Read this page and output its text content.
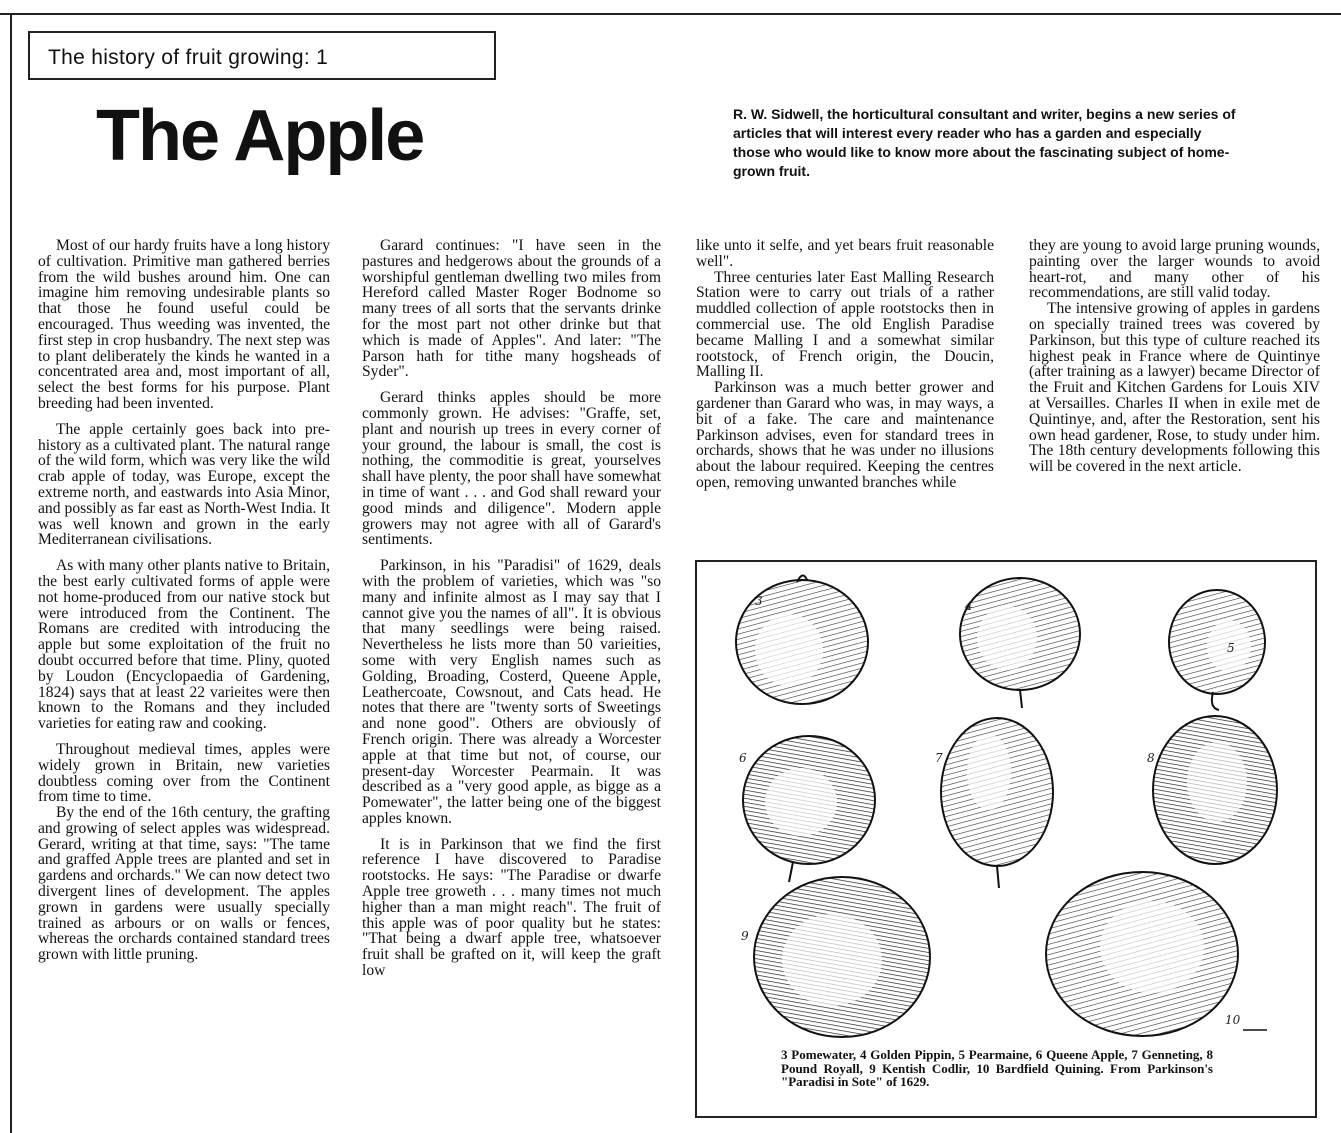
The history of fruit growing: 1
The Apple	R. W. Sidwell, the horticultural consultant and writer, begins a new series of articles that will interest every reader who has a garden and especially those who would like to know more about the fascinating subject of home-grown fruit.

Most of our hardy fruits have a long history of cultivation. Primitive man gathered berries from the wild bushes around him. One can imagine him removing undesirable plants so that those he found useful could be encouraged. Thus weeding was invented, the first step in crop husbandry. The next step was to plant deliberately the kinds he wanted in a concentrated area and, most important of all, select the best forms for his purpose. Plant breeding had been invented.

The apple certainly goes back into pre-history as a cultivated plant. The natural range of the wild form, which was very like the wild crab apple of today, was Europe, except the extreme north, and eastwards into Asia Minor, and possibly as far east as North-West India. It was well known and grown in the early Mediterranean civilisations.

As with many other plants native to Britain, the best early cultivated forms of apple were not home-produced from our native stock but were introduced from the Continent. The Romans are credited with introducing the apple but some exploitation of the fruit no doubt occurred before that time. Pliny, quoted by Loudon (Encyclopaedia of Gardening, 1824) says that at least 22 varieites were then known to the Romans and they included varieties for eating raw and cooking.

Throughout medieval times, apples were widely grown in Britain, new varieties doubtless coming over from the Continent from time to time.

By the end of the 16th century, the grafting and growing of select apples was widespread. Gerard, writing at that time, says: "The tame and graffed Apple trees are planted and set in gardens and orchards." We can now detect two divergent lines of development. The apples grown in gardens were usually specially trained as arbours or on walls or fences, whereas the orchards contained standard trees grown with little pruning.

Garard continues: "I have seen in the pastures and hedgerows about the grounds of a worshipful gentleman dwelling two miles from Hereford called Master Roger Bodnome so many trees of all sorts that the servants drinke for the most part not other drinke but that which is made of Apples". And later: "The Parson hath for tithe many hogsheads of Syder".

Gerard thinks apples should be more commonly grown. He advises: "Graffe, set, plant and nourish up trees in every corner of your ground, the labour is small, the cost is nothing, the commoditie is great, yourselves shall have plenty, the poor shall have somewhat in time of want . . . and God shall reward your good minds and diligence". Modern apple growers may not agree with all of Garard's sentiments.

Parkinson, in his "Paradisi" of 1629, deals with the problem of varieties, which was "so many and infinite almost as I may say that I cannot give you the names of all". It is obvious that many seedlings were being raised. Nevertheless he lists more than 50 varieities, some with very English names such as Golding, Broading, Costerd, Queene Apple, Leathercoate, Cowsnout, and Cats head. He notes that there are "twenty sorts of Sweetings and none good". Others are obviously of French origin. There was already a Worcester apple at that time but not, of course, our present-day Worcester Pearmain. It was described as a "very good apple, as bigge as a Pomewater", the latter being one of the biggest apples known.

It is in Parkinson that we find the first reference I have discovered to Paradise rootstocks. He says: "The Paradise or dwarfe Apple tree groweth . . . many times not much higher than a man might reach". The fruit of this apple was of poor quality but he states: "That being a dwarf apple tree, whatsoever fruit shall be grafted on it, will keep the graft low

like unto it selfe, and yet bears fruit reasonable well".

Three centuries later East Malling Research Station were to carry out trials of a rather muddled collection of apple rootstocks then in commercial use. The old English Paradise became Malling I and a somewhat similar rootstock, of French origin, the Doucin, Malling II.

Parkinson was a much better grower and gardener than Garard who was, in may ways, a bit of a fake. The care and maintenance Parkinson advises, even for standard trees in orchards, shows that he was under no illusions about the labour required. Keeping the centres open, removing unwanted branches while

they are young to avoid large pruning wounds, painting over the larger wounds to avoid heart-rot, and many other of his recommendations, are still valid today.

The intensive growing of apples in gardens on specially trained trees was covered by Parkinson, but this type of culture reached its highest peak in France where de Quintinye (after training as a lawyer) became Director of the Fruit and Kitchen Gardens for Louis XIV at Versailles. Charles II when in exile met de Quintinye, and, after the Restoration, sent his own head gardener, Rose, to study under him. The 18th century developments following this will be covered in the next article.

3	4
5
6	7	8
9
10

3 Pomewater, 4 Golden Pippin, 5 Pearmaine, 6 Queene Apple, 7 Genneting, 8 Pound Royall, 9 Kentish Codlir, 10 Bardfield Quining. From Parkinson's "Paradisi in Sote" of 1629.
